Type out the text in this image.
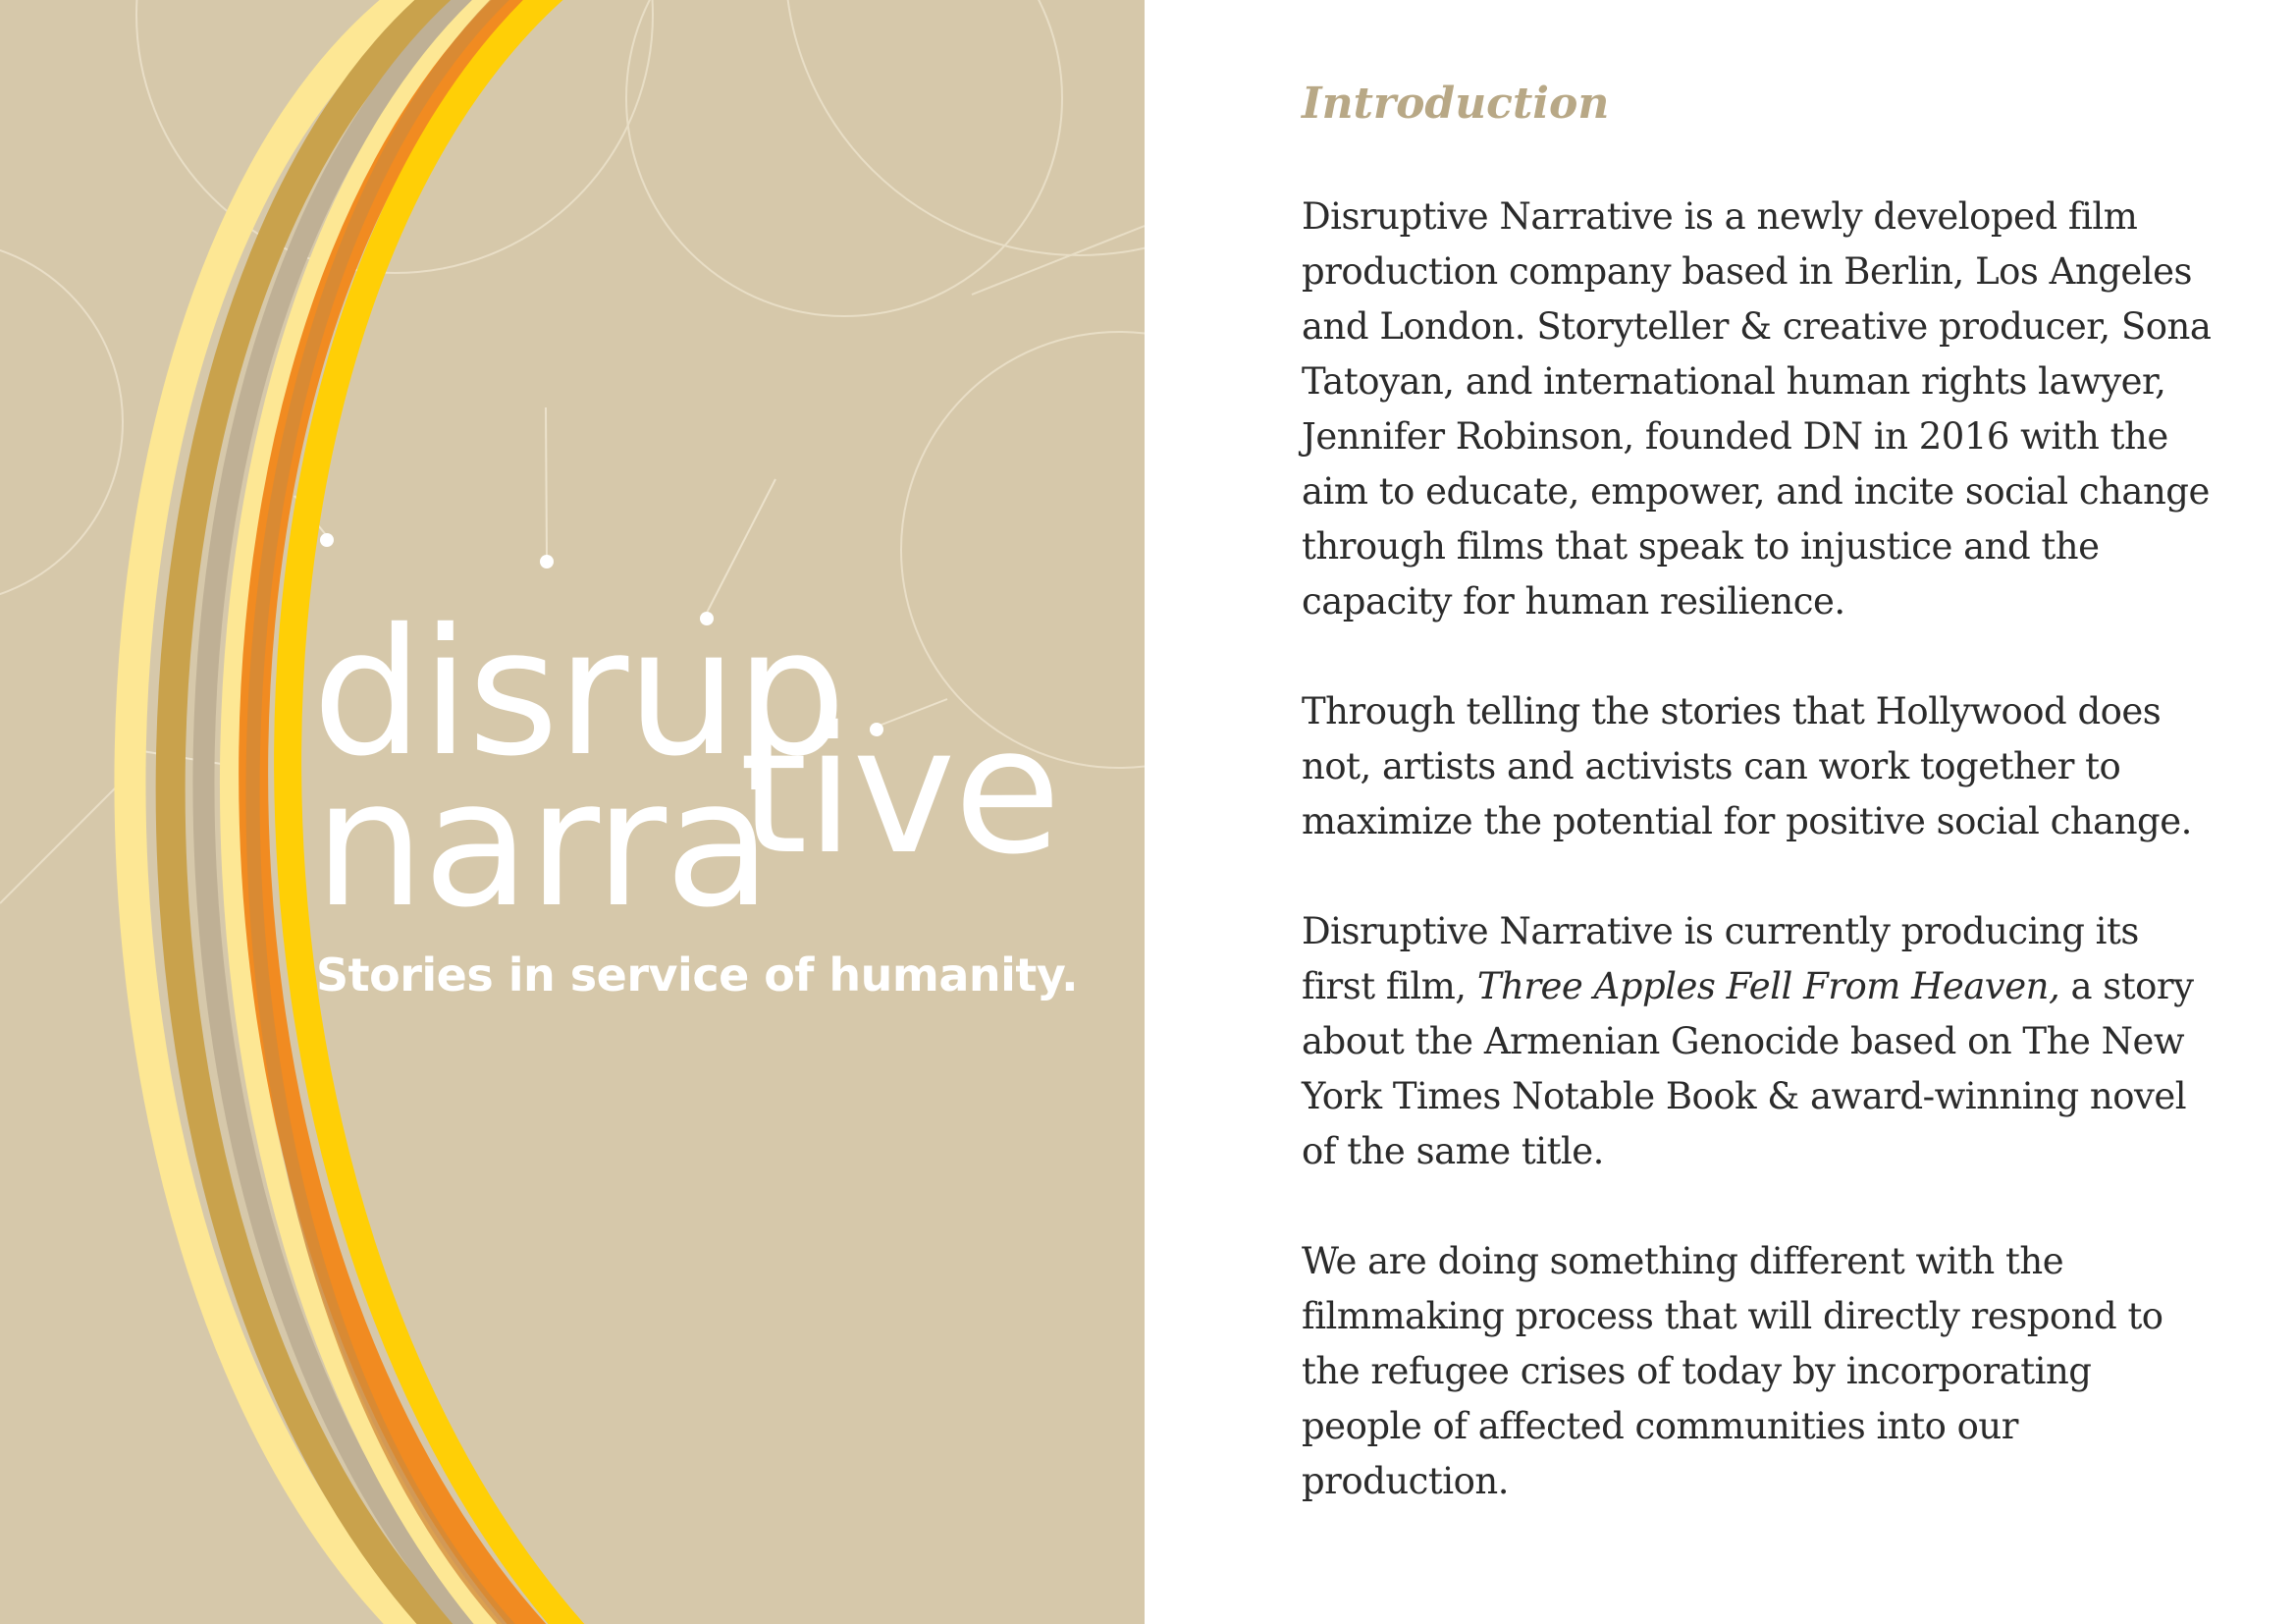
disrup
narra
tive

Stories in service of humanity.

Introduction

Disruptive Narrative is a newly developed film production company based in Berlin, Los Angeles and London. Storyteller & creative producer, Sona Tatoyan, and international human rights lawyer, Jennifer Robinson, founded DN in 2016 with the aim to educate, empower, and incite social change through films that speak to injustice and the capacity for human resilience.

Through telling the stories that Hollywood does not, artists and activists can work together to maximize the potential for positive social change.

Disruptive Narrative is currently producing its first film, Three Apples Fell From Heaven, a story about the Armenian Genocide based on The New York Times Notable Book & award-winning novel of the same title.

We are doing something different with the filmmaking process that will directly respond to the refugee crises of today by incorporating people of affected communities into our production.
